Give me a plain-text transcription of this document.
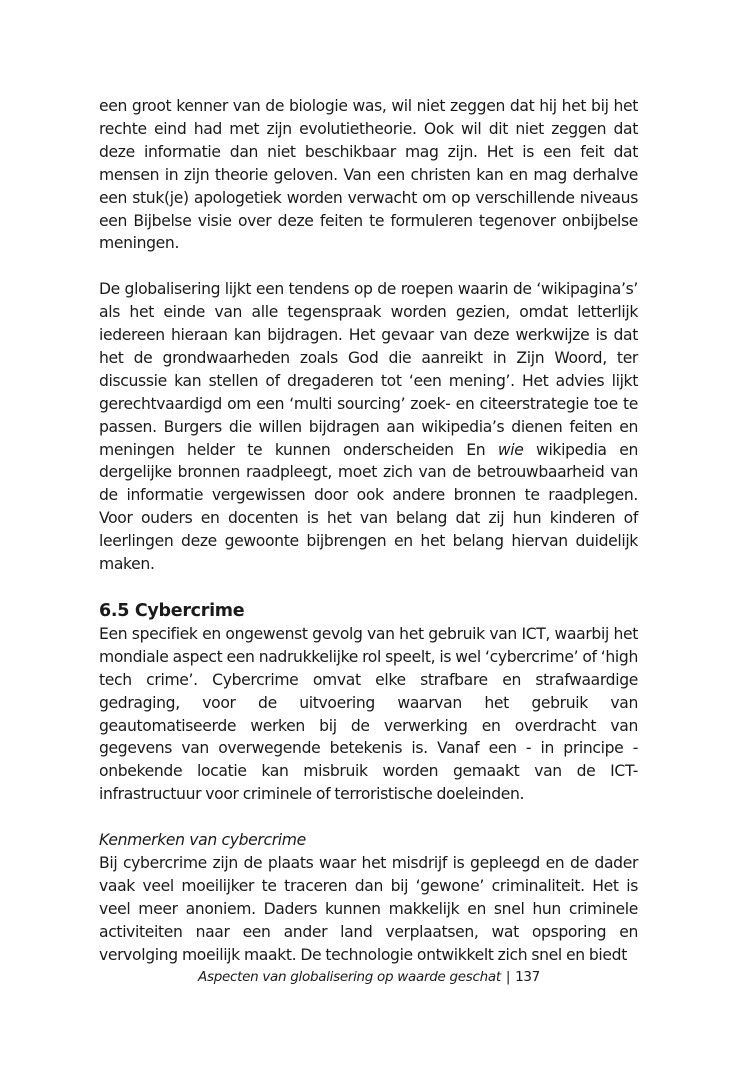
een groot kenner van de biologie was, wil niet zeggen dat hij het bij het rechte eind had met zijn evolutietheorie. Ook wil dit niet zeggen dat deze informatie dan niet beschikbaar mag zijn. Het is een feit dat mensen in zijn theorie geloven. Van een christen kan en mag derhalve een stuk(je) apologetiek worden verwacht om op verschillende niveaus een Bijbelse visie over deze feiten te formuleren tegenover onbijbelse meningen.

De globalisering lijkt een tendens op de roepen waarin de ‘wikipagina’s’ als het einde van alle tegenspraak worden gezien, omdat letterlijk iedereen hieraan kan bijdragen. Het gevaar van deze werkwijze is dat het de grondwaarheden zoals God die aanreikt in Zijn Woord, ter discussie kan stellen of dregaderen tot ‘een mening’. Het advies lijkt gerechtvaardigd om een ‘multi sourcing’ zoek- en citeerstrategie toe te passen. Burgers die willen bijdragen aan wikipedia’s dienen feiten en meningen helder te kunnen onderscheiden En wie wikipedia en dergelijke bronnen raadpleegt, moet zich van de betrouwbaarheid van de informatie vergewissen door ook andere bronnen te raadplegen. Voor ouders en docenten is het van belang dat zij hun kinderen of leerlingen deze gewoonte bijbrengen en het belang hiervan duidelijk maken.

6.5 Cybercrime

Een specifiek en ongewenst gevolg van het gebruik van ICT, waarbij het mondiale aspect een nadrukkelijke rol speelt, is wel ‘cybercrime’ of ‘high tech crime’. Cybercrime omvat elke strafbare en strafwaardige gedraging, voor de uitvoering waarvan het gebruik van geautomatiseerde werken bij de verwerking en overdracht van gegevens van overwegende betekenis is. Vanaf een - in principe - onbekende locatie kan misbruik worden gemaakt van de ICT-infrastructuur voor criminele of terroristische doeleinden.

Kenmerken van cybercrime

Bij cybercrime zijn de plaats waar het misdrijf is gepleegd en de dader vaak veel moeilijker te traceren dan bij ‘gewone’ criminaliteit. Het is veel meer anoniem. Daders kunnen makkelijk en snel hun criminele activiteiten naar een ander land verplaatsen, wat opsporing en vervolging moeilijk maakt. De technologie ontwikkelt zich snel en biedt

Aspecten van globalisering op waarde geschat | 137
